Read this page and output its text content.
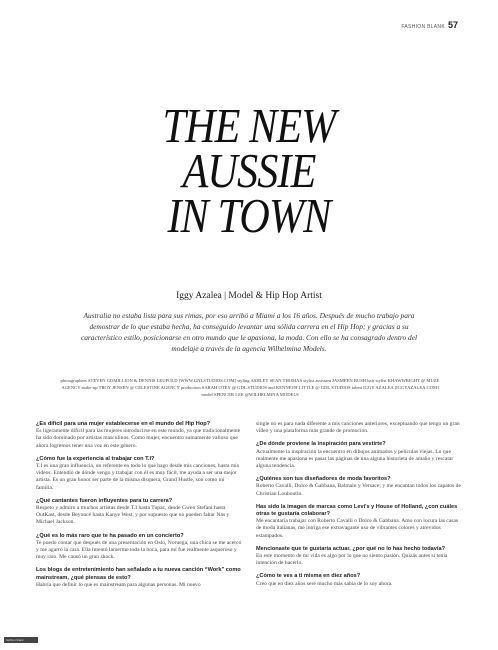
FASHION BLANK 57
THE NEW
AUSSIE
IN TOWN
Iggy Azalea | Model & Hip Hop Artist
Australia no estaba lista para sus rimas, por eso arribó a Miami a los 16 años. Después de mucho trabajo para demostrar de lo que estaba hecha, ha conseguido levantar una sólida carrera en el Hip Hop; y gracias a su característico estilo, posicionarse en otro mundo que le apasiona, la moda. Con ello se ha consagrado dentro del modelaje a través de la agencia Wilhelmina Models.
photographers STEVEN GOMILLION & DENNIS LEUPOLD [WWW.GNLSTUDIOS.COM] styling ASHLEY SEAN THOMAS stylist assistant JASMEEN BUSH hair stylist KHAWWRIGHT @ MUZE AGENCY make-up TROY JENSEN @ CELESTINE AGENCY production SARAH OTEY @ GDL STUDIOS and KENNETH LITTLE @ GDL STUDIOS talent IGGY AZALEA [IGGYAZALEA.COM] model SPENCER LEE @WILHELMINA MODELS
¿Es difícil para una mujer establecerse en el mundo del Hip Hop?
Es ligeramente difícil para las mujeres introducirse en este mundo, ya que tradicionalmente ha sido dominado por artistas masculinos. Como mujer, encuentro sumamente valioso que ahora logremos tener una voz en este género.
¿Cómo fue la experiencia al trabajar con T.I?
T.I es una gran influencia, un referente en todo lo que hago desde mis canciones, hasta mis videos. Entendió de dónde vengo y trabajar con él es muy fácil, me ayuda a ser una mejor artista. Es un gran honor ser parte de la misma disquera, Grand Hustle, son como mi familia.
¿Qué cantantes fueron influyentes para tu carrera?
Respeto y admiro a muchos artistas desde T.I hasta Tupac, desde Gwen Stefani hasta OutKast, desde Beyoncé hasta Kanye West, y por supuesto que no pueden faltar Nas y Michael Jackson.
¿Qué es lo más raro que te ha pasado en un concierto?
Te puedo contar que después de una presentación en Oslo, Noruega, una chica se me acercó y me agarró la cara. Ella intentó lamerme toda la boca, para mí fue realmente asqueroso y muy raro. Me causó un gran shock.
Los blogs de entretenimiento han señalado a tu nueva canción “Work” como mainstream, ¿qué piensas de esto?
Habría que definir lo que es mainstream para algunas personas. Mi nuevo
single no es para nada diferente a mis canciones anteriores, exceptuando que tengo un gran video y una plataforma más grande de promoción.
¿De dónde proviene la inspiración para vestirte?
Actualmente la inspiración la encuentro en dibujos animados y películas viejas. Lo que realmente me apasiona es pasar las páginas de una alguna historieta de antaño y rescatar alguna tendencia.
¿Quiénes son tus diseñadores de moda favoritos?
Roberto Cavalli, Dolce & Gabbana, Balmain y Versace; y me encantan todos los zapatos de Christian Louboutin.
Has sido la imagen de marcas como Levi's y House of Holland, ¿con cuáles otras te gustaría colaborar?
Me encantaría trabajar con Roberto Cavalli o Dolce & Gabbana. Amo con locura las casas de moda italianas, me intriga ese extravagante uso de vibrantes colores y atrevidos estampados.
Mencionaste que te gustaría actuar, ¿por qué no lo has hecho todavía?
En este momento de mi vida es algo por lo que no siento pasión. Quizás antes si tenía intención de hacerlo.
¿Cómo te ves a ti misma en diez años?
Creo que en diez años seré mucho más sabia de lo soy ahora.
fashion blank
